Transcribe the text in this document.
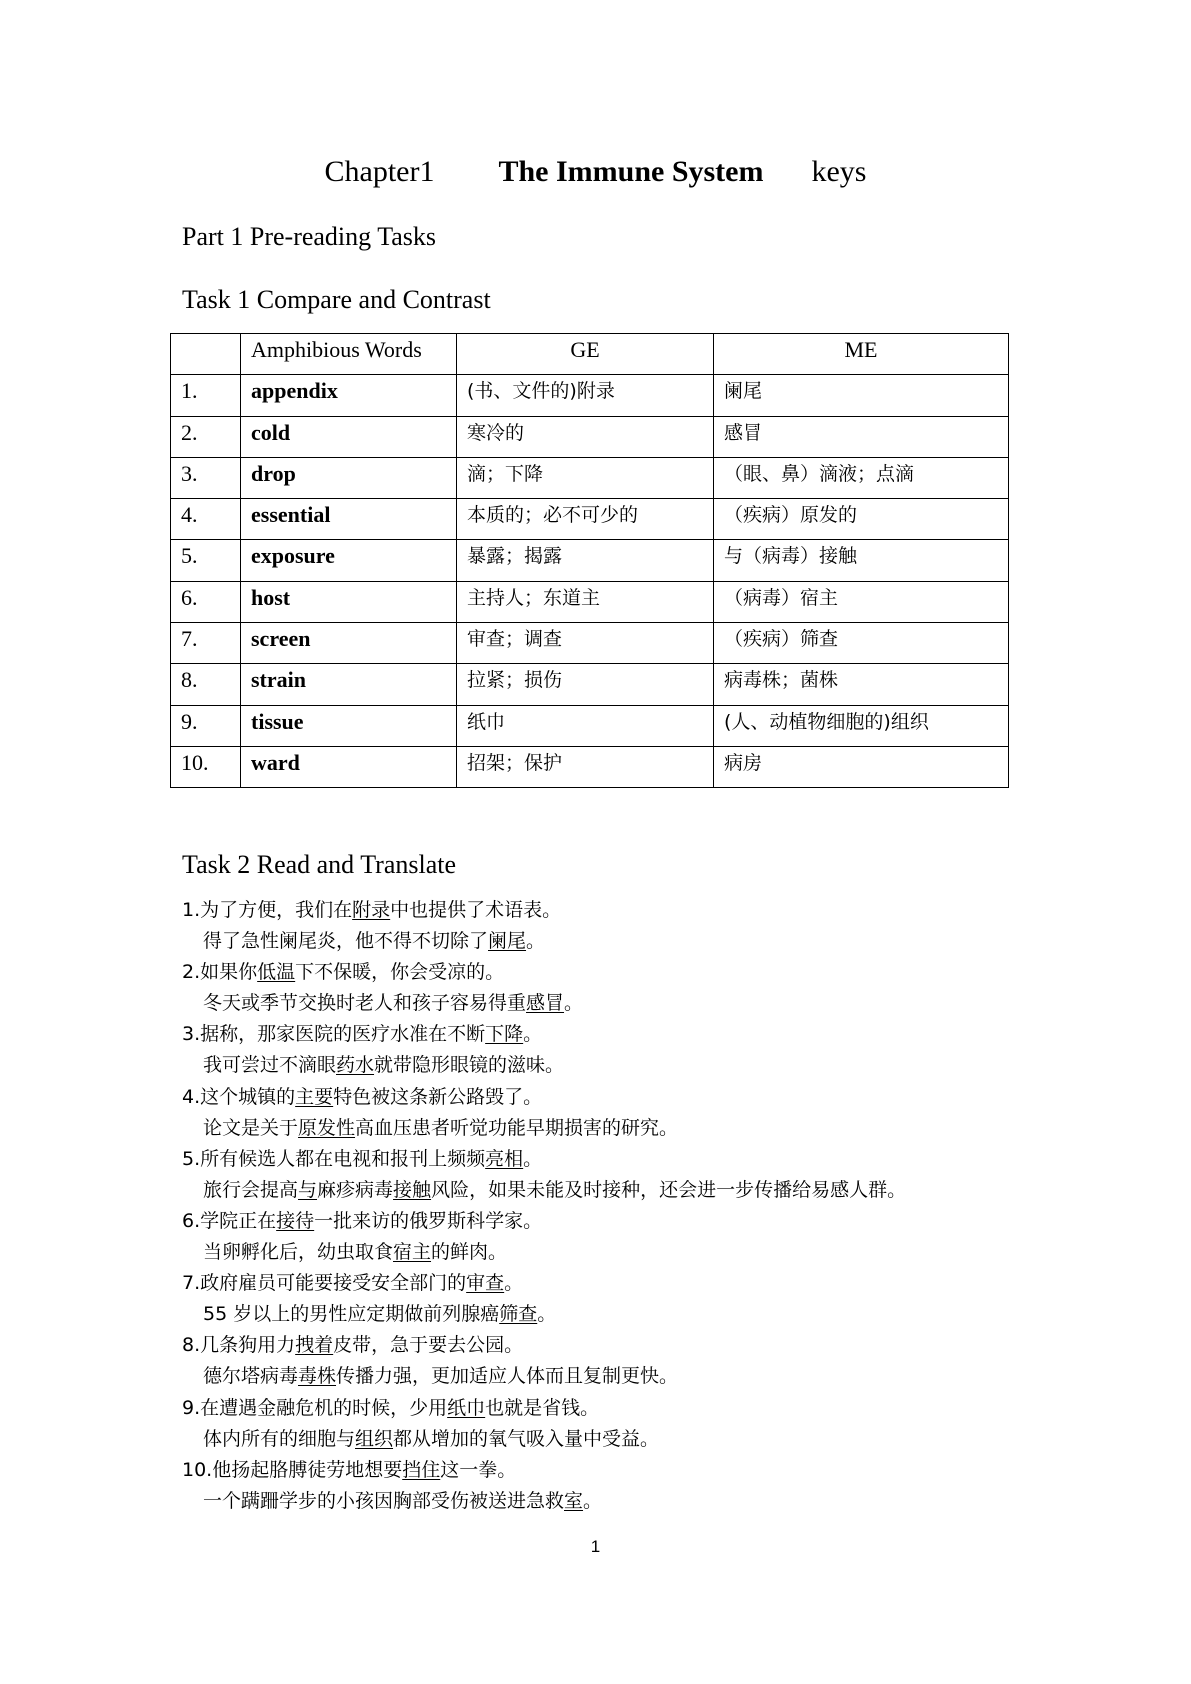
Chapter1 The Immune System keys
Part 1 Pre-reading Tasks
Task 1 Compare and Contrast
	Amphibious Words	GE	ME
1.	appendix	(书、文件的)附录	阑尾
2.	cold	寒冷的	感冒
3.	drop	滴；下降	（眼、鼻）滴液；点滴
4.	essential	本质的；必不可少的	（疾病）原发的
5.	exposure	暴露；揭露	与（病毒）接触
6.	host	主持人；东道主	（病毒）宿主
7.	screen	审查；调查	（疾病）筛查
8.	strain	拉紧；损伤	病毒株；菌株
9.	tissue	纸巾	(人、动植物细胞的)组织
10.	ward	招架；保护	病房
Task 2 Read and Translate
1.为了方便，我们在附录中也提供了术语表。
得了急性阑尾炎，他不得不切除了阑尾。
2.如果你低温下不保暖，你会受凉的。
冬天或季节交换时老人和孩子容易得重感冒。
3.据称，那家医院的医疗水准在不断下降。
我可尝过不滴眼药水就带隐形眼镜的滋味。
4.这个城镇的主要特色被这条新公路毁了。
论文是关于原发性高血压患者听觉功能早期损害的研究。
5.所有候选人都在电视和报刊上频频亮相。
旅行会提高与麻疹病毒接触风险，如果未能及时接种，还会进一步传播给易感人群。
6.学院正在接待一批来访的俄罗斯科学家。
当卵孵化后，幼虫取食宿主的鲜肉。
7.政府雇员可能要接受安全部门的审查。
55 岁以上的男性应定期做前列腺癌筛查。
8.几条狗用力拽着皮带，急于要去公园。
德尔塔病毒毒株传播力强，更加适应人体而且复制更快。
9.在遭遇金融危机的时候，少用纸巾也就是省钱。
体内所有的细胞与组织都从增加的氧气吸入量中受益。
10.他扬起胳膊徒劳地想要挡住这一拳。
一个蹒跚学步的小孩因胸部受伤被送进急救室。
1
